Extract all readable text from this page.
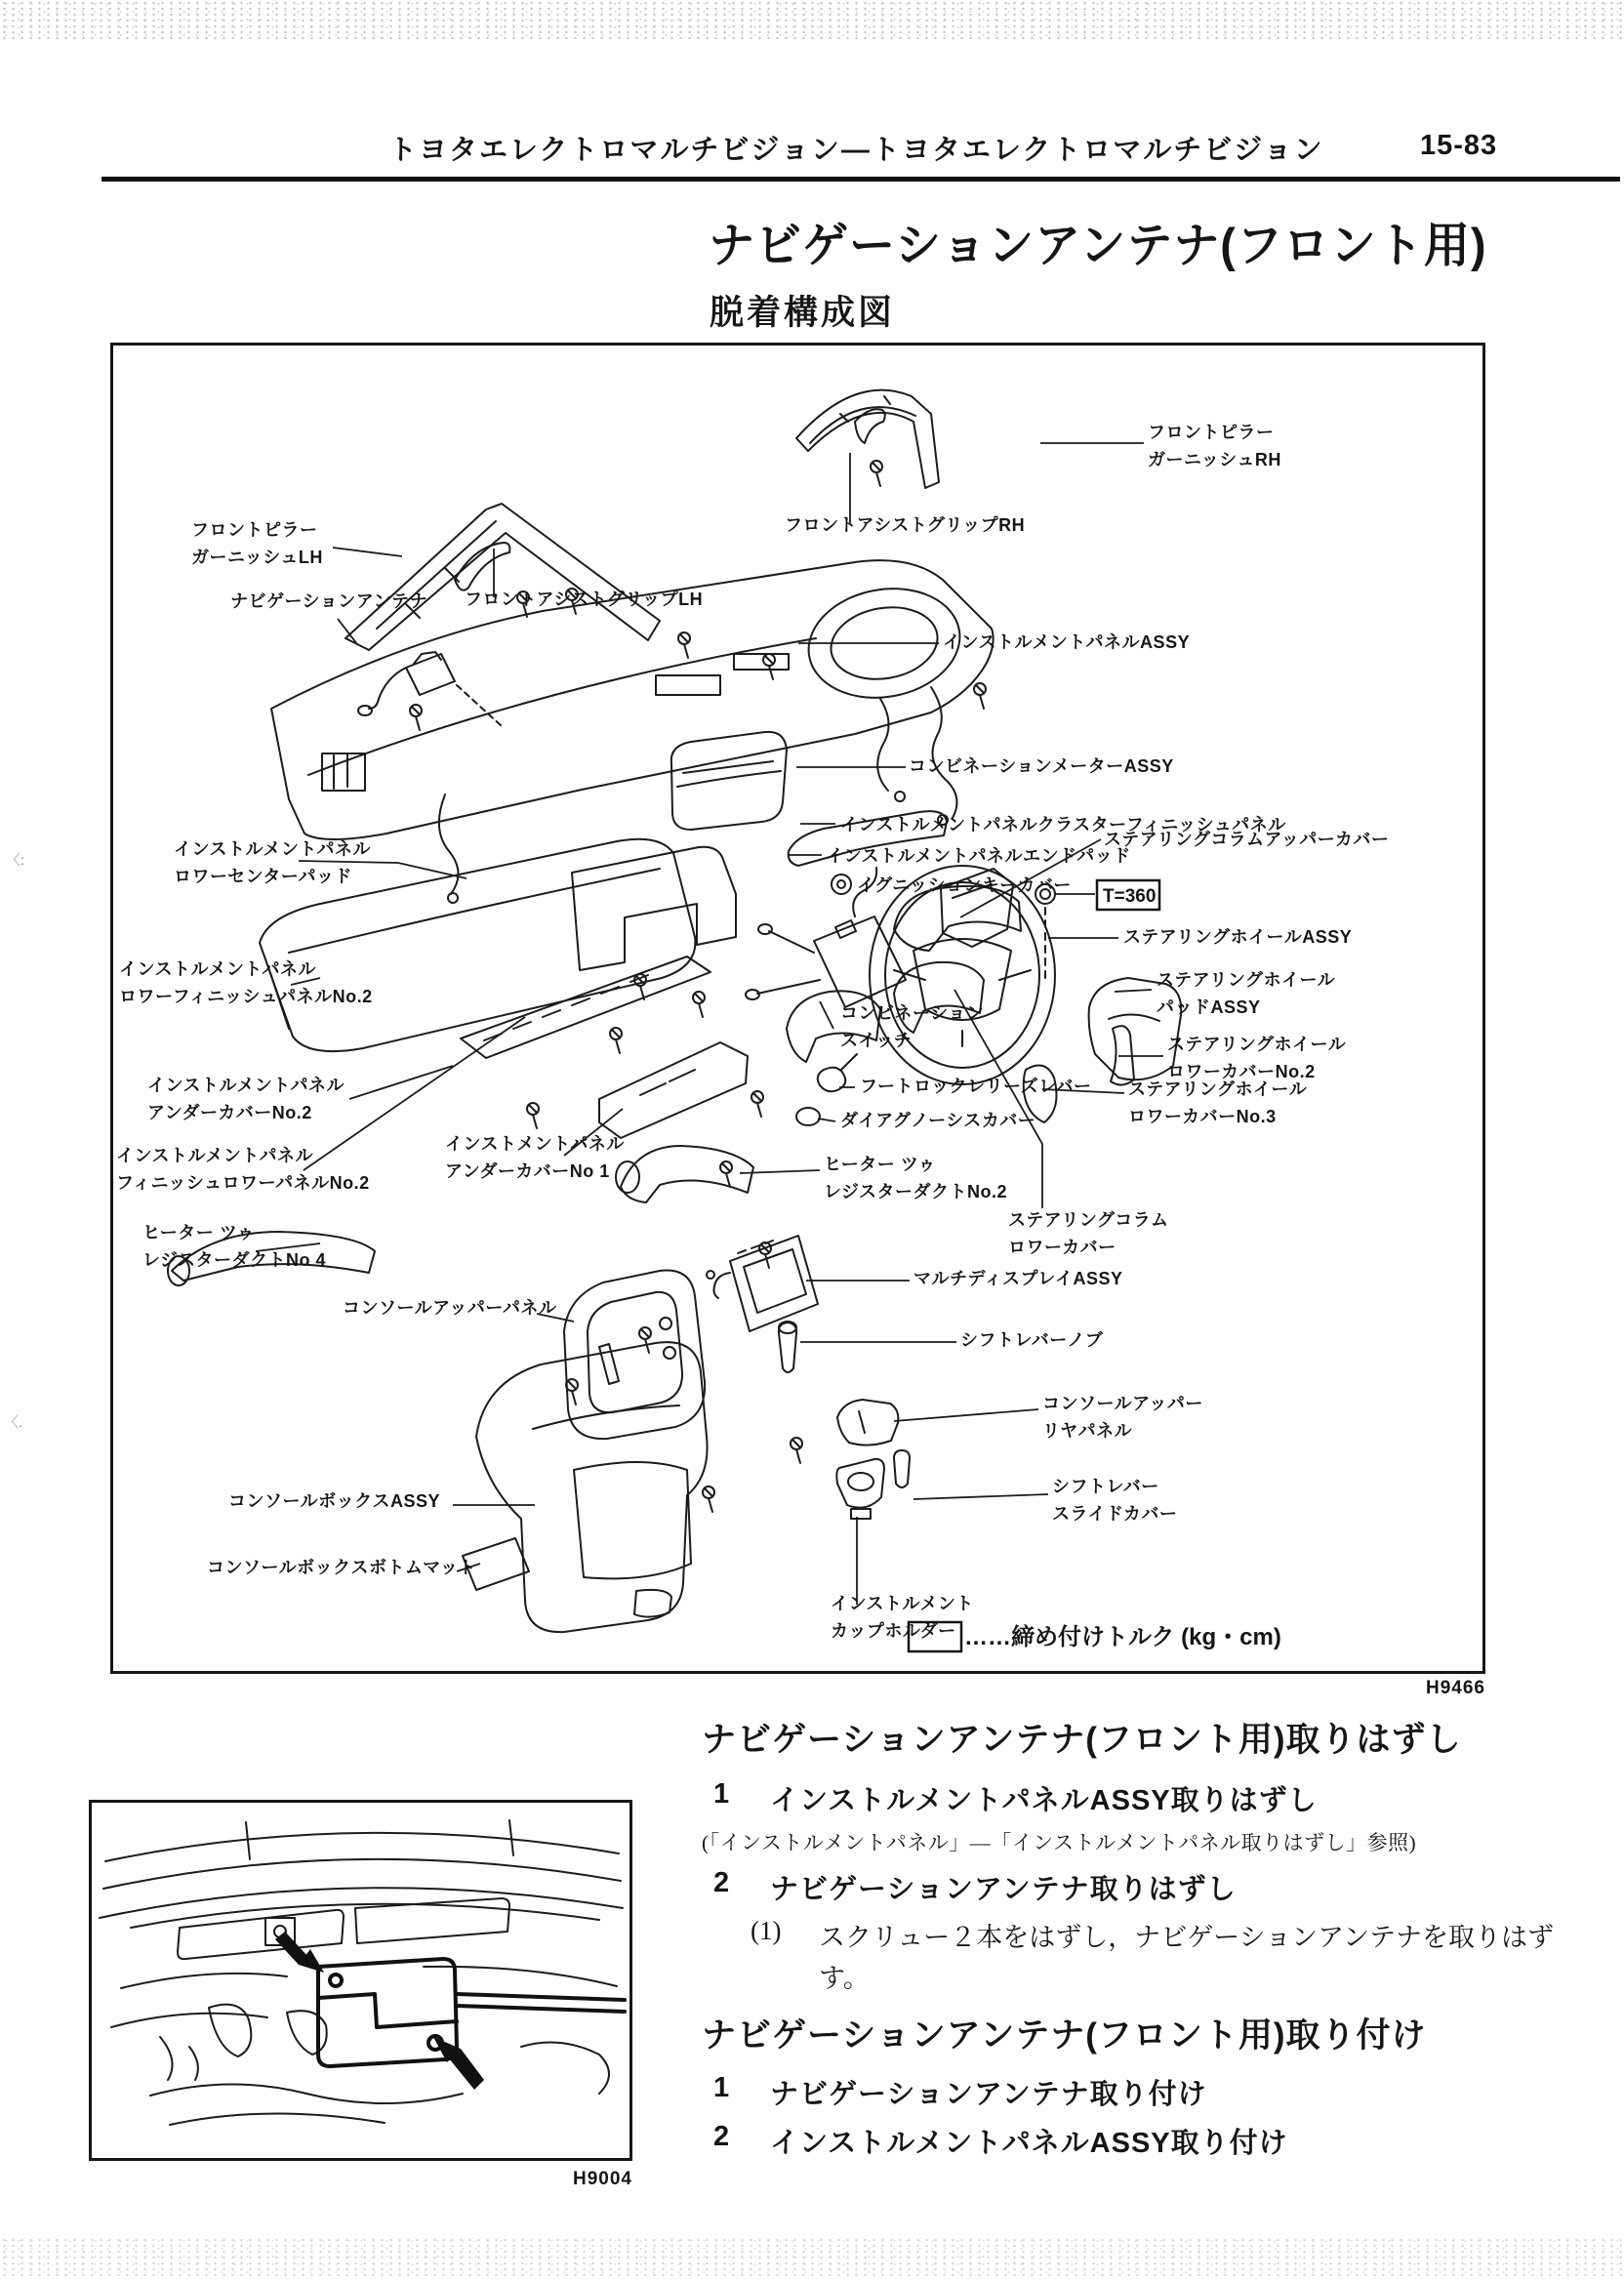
〈:
〈.
トヨタエレクトロマルチビジョン―トヨタエレクトロマルチビジョン	15-83
ナビゲーションアンテナ(フロント用)
脱着構成図
T=360
……締め付けトルク (kg・cm)
フロントピラーガーニッシュRH
フロントアシストグリップRH
フロントピラーガーニッシュLH
ナビゲーションアンテナ フロントアシストグリップLH
インストルメントパネルASSY
コンビネーションメーターASSY
インストルメントパネルクラスターフィニッシュパネル
インストルメントパネルエンドパッド
イグニッションキーカバー
ステアリングコラムアッパーカバー
ステアリングホイールASSY
ステアリングホイールパッドASSY
ステアリングホイールロワーカバーNo.2
ステアリングホイールロワーカバーNo.3
インストルメントパネルロワーセンターパッド
インストルメントパネルロワーフィニッシュパネルNo.2
インストルメントパネルアンダーカバーNo.2
インストルメントパネルフィニッシュロワーパネルNo.2
インストメントパネルアンダーカバーNo 1
コンビネーションスイッチ
フートロックレリーズレバー
ダイアグノーシスカバー
ヒーター ツゥレジスターダクトNo.2
ステアリングコラムロワーカバー
ヒーター ツゥレジスターダクトNo 4
コンソールアッパーパネル
マルチディスプレイASSY
シフトレバーノブ
コンソールアッパーリヤパネル
シフトレバースライドカバー
コンソールボックスASSY
コンソールボックスボトムマット
インストルメントカップホルダー
H9466
H9004
ナビゲーションアンテナ(フロント用)取りはずし
1	インストルメントパネルASSY取りはずし
(「インストルメントパネル」―「インストルメントパネル取りはずし」参照)
2	ナビゲーションアンテナ取りはずし
(1)	スクリュー２本をはずし，ナビゲーションアンテナを取りはず
す。
ナビゲーションアンテナ(フロント用)取り付け
1	ナビゲーションアンテナ取り付け
2	インストルメントパネルASSY取り付け
